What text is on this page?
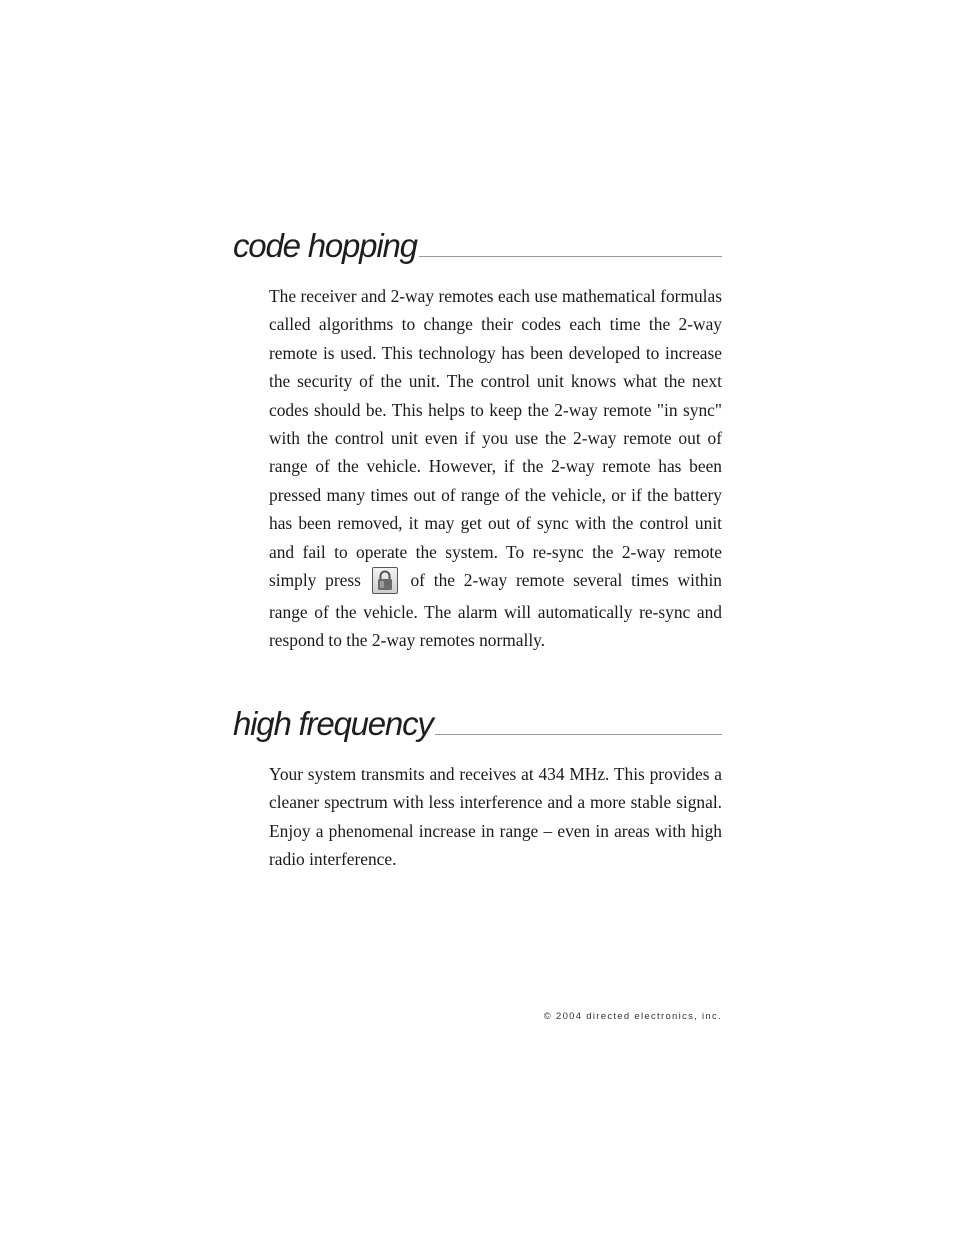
code hopping

The receiver and 2-way remotes each use mathematical formulas called algorithms to change their codes each time the 2-way remote is used. This technology has been developed to increase the security of the unit. The control unit knows what the next codes should be. This helps to keep the 2-way remote "in sync" with the control unit even if you use the 2-way remote out of range of the vehicle. However, if the 2-way remote has been pressed many times out of range of the vehicle, or if the battery has been removed, it may get out of sync with the control unit and fail to operate the system. To re-sync the 2-way remote simply press	of the 2-way remote several times within range of the vehicle. The alarm will automatically re-sync and respond to the 2-way remotes normally.

high frequency

Your system transmits and receives at 434 MHz. This provides a cleaner spectrum with less interference and a more stable signal. Enjoy a phenomenal increase in range – even in areas with high radio interference.

© 2004 directed electronics, inc.
